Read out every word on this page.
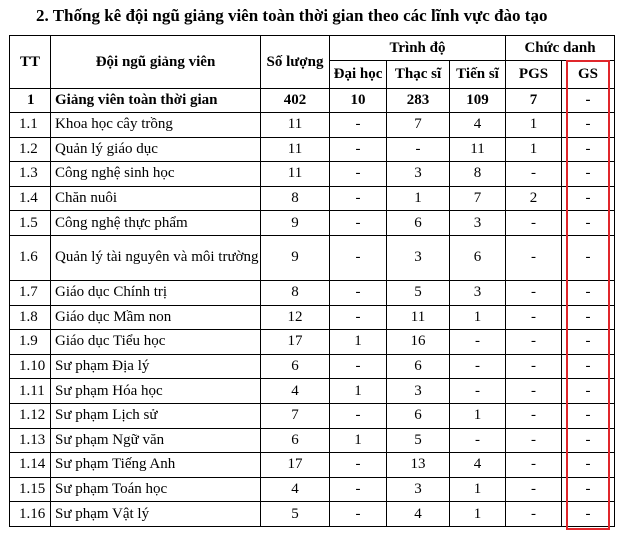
2. Thống kê đội ngũ giảng viên toàn thời gian theo các lĩnh vực đào tạo
TT	Đội ngũ giảng viên	Số lượng	Trình độ			Chức danh	
			Đại học	Thạc sĩ	Tiến sĩ	PGS	GS
1	Giảng viên toàn thời gian	402	10	283	109	7	-
1.1	Khoa học cây trồng	11	-	7	4	1	-
1.2	Quản lý giáo dục	11	-	-	11	1	-
1.3	Công nghệ sinh học	11	-	3	8	-	-
1.4	Chăn nuôi	8	-	1	7	2	-
1.5	Công nghệ thực phẩm	9	-	6	3	-	-
1.6	Quản lý tài nguyên và môi trường	9	-	3	6	-	-
1.7	Giáo dục Chính trị	8	-	5	3	-	-
1.8	Giáo dục Mầm non	12	-	11	1	-	-
1.9	Giáo dục Tiểu học	17	1	16	-	-	-
1.10	Sư phạm Địa lý	6	-	6	-	-	-
1.11	Sư phạm Hóa học	4	1	3	-	-	-
1.12	Sư phạm Lịch sử	7	-	6	1	-	-
1.13	Sư phạm Ngữ văn	6	1	5	-	-	-
1.14	Sư phạm Tiếng Anh	17	-	13	4	-	-
1.15	Sư phạm Toán học	4	-	3	1	-	-
1.16	Sư phạm Vật lý	5	-	4	1	-	-
